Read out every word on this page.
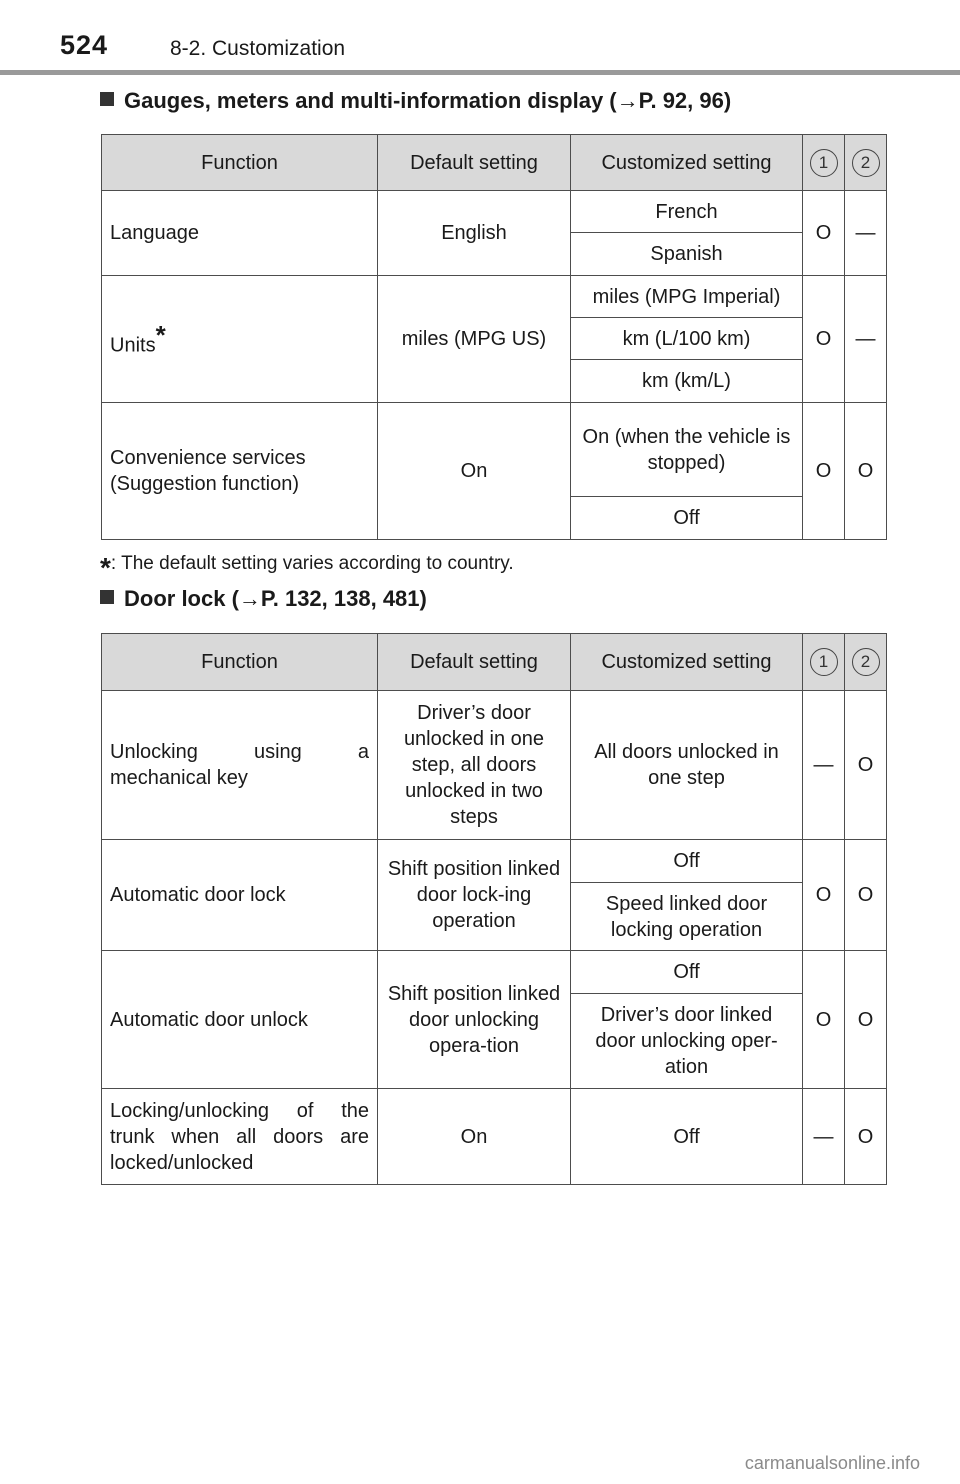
524	8-2. Customization
Gauges, meters and multi-information display (→P. 92, 96)
Function	Default setting	Customized setting	1	2
Language	English	French	O	—
		Spanish		
Units*	miles (MPG US)	miles (MPG Imperial)	O	—
		km (L/100 km)		
		km (km/L)		
Convenience services (Suggestion function)	On	On (when the vehicle is stopped)	O	O
		Off		
*: The default setting varies according to country.
Door lock (→P. 132, 138, 481)
Function	Default setting	Customized setting	1	2
Unlocking using a mechanical key	Driver’s door unlocked in one step, all doors unlocked in two steps	All doors unlocked in one step	—	O
Automatic door lock	Shift position linked door lock-ing operation	Off	O	O
		Speed linked door locking operation		
Automatic door unlock	Shift position linked door unlocking opera-tion	Off	O	O
		Driver’s door linked door unlocking oper-ation		
Locking/unlocking of the trunk when all doors are locked/unlocked	On	Off	—	O
carmanualsonline.info
